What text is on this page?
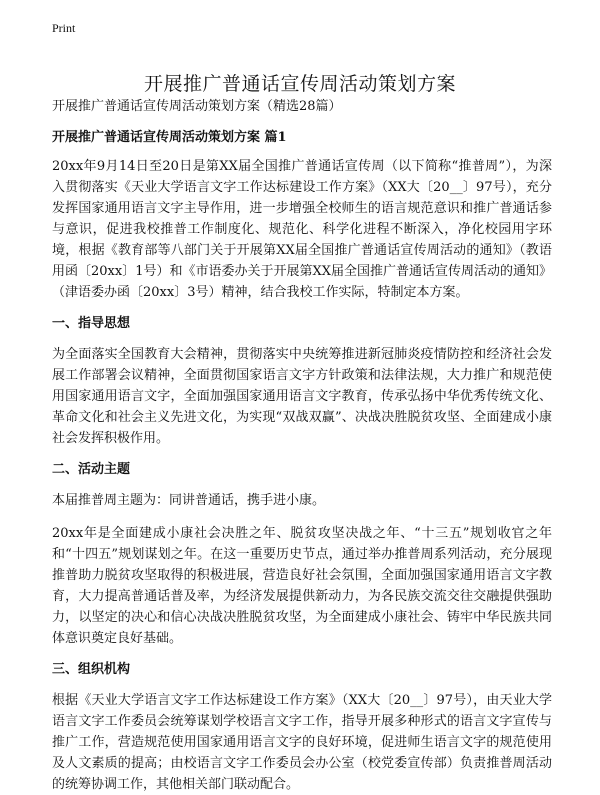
Print
开展推广普通话宣传周活动策划方案

开展推广普通话宣传周活动策划方案（精选28篇）

开展推广普通话宣传周活动策划方案 篇1

20xx年9月14日至20日是第XX届全国推广普通话宣传周（以下简称“推普周”），为深入贯彻落实《天业大学语言文字工作达标建设工作方案》（XX大〔20__〕97号），充分发挥国家通用语言文字主导作用，进一步增强全校师生的语言规范意识和推广普通话参与意识，促进我校推普工作制度化、规范化、科学化进程不断深入，净化校园用字环境，根据《教育部等八部门关于开展第XX届全国推广普通话宣传周活动的通知》（教语用函〔20xx〕1号）和《市语委办关于开展第XX届全国推广普通话宣传周活动的通知》（津语委办函〔20xx〕3号）精神，结合我校工作实际，特制定本方案。

一、指导思想

为全面落实全国教育大会精神，贯彻落实中央统筹推进新冠肺炎疫情防控和经济社会发展工作部署会议精神，全面贯彻国家语言文字方针政策和法律法规，大力推广和规范使用国家通用语言文字，全面加强国家通用语言文字教育，传承弘扬中华优秀传统文化、革命文化和社会主义先进文化，为实现“双战双赢”、决战决胜脱贫攻坚、全面建成小康社会发挥积极作用。

二、活动主题

本届推普周主题为：同讲普通话，携手进小康。

20xx年是全面建成小康社会决胜之年、脱贫攻坚决战之年、“十三五”规划收官之年和“十四五”规划谋划之年。在这一重要历史节点，通过举办推普周系列活动，充分展现推普助力脱贫攻坚取得的积极进展，营造良好社会氛围，全面加强国家通用语言文字教育，大力提高普通话普及率，为经济发展提供新动力，为各民族交流交往交融提供强助力，以坚定的决心和信心决战决胜脱贫攻坚，为全面建成小康社会、铸牢中华民族共同体意识奠定良好基础。

三、组织机构

根据《天业大学语言文字工作达标建设工作方案》（XX大〔20__〕97号），由天业大学语言文字工作委员会统筹谋划学校语言文字工作，指导开展多种形式的语言文字宣传与推广工作，营造规范使用国家通用语言文字的良好环境，促进师生语言文字的规范使用及人文素质的提高；由校语言文字工作委员会办公室（校党委宣传部）负责推普周活动的统筹协调工作，其他相关部门联动配合。
